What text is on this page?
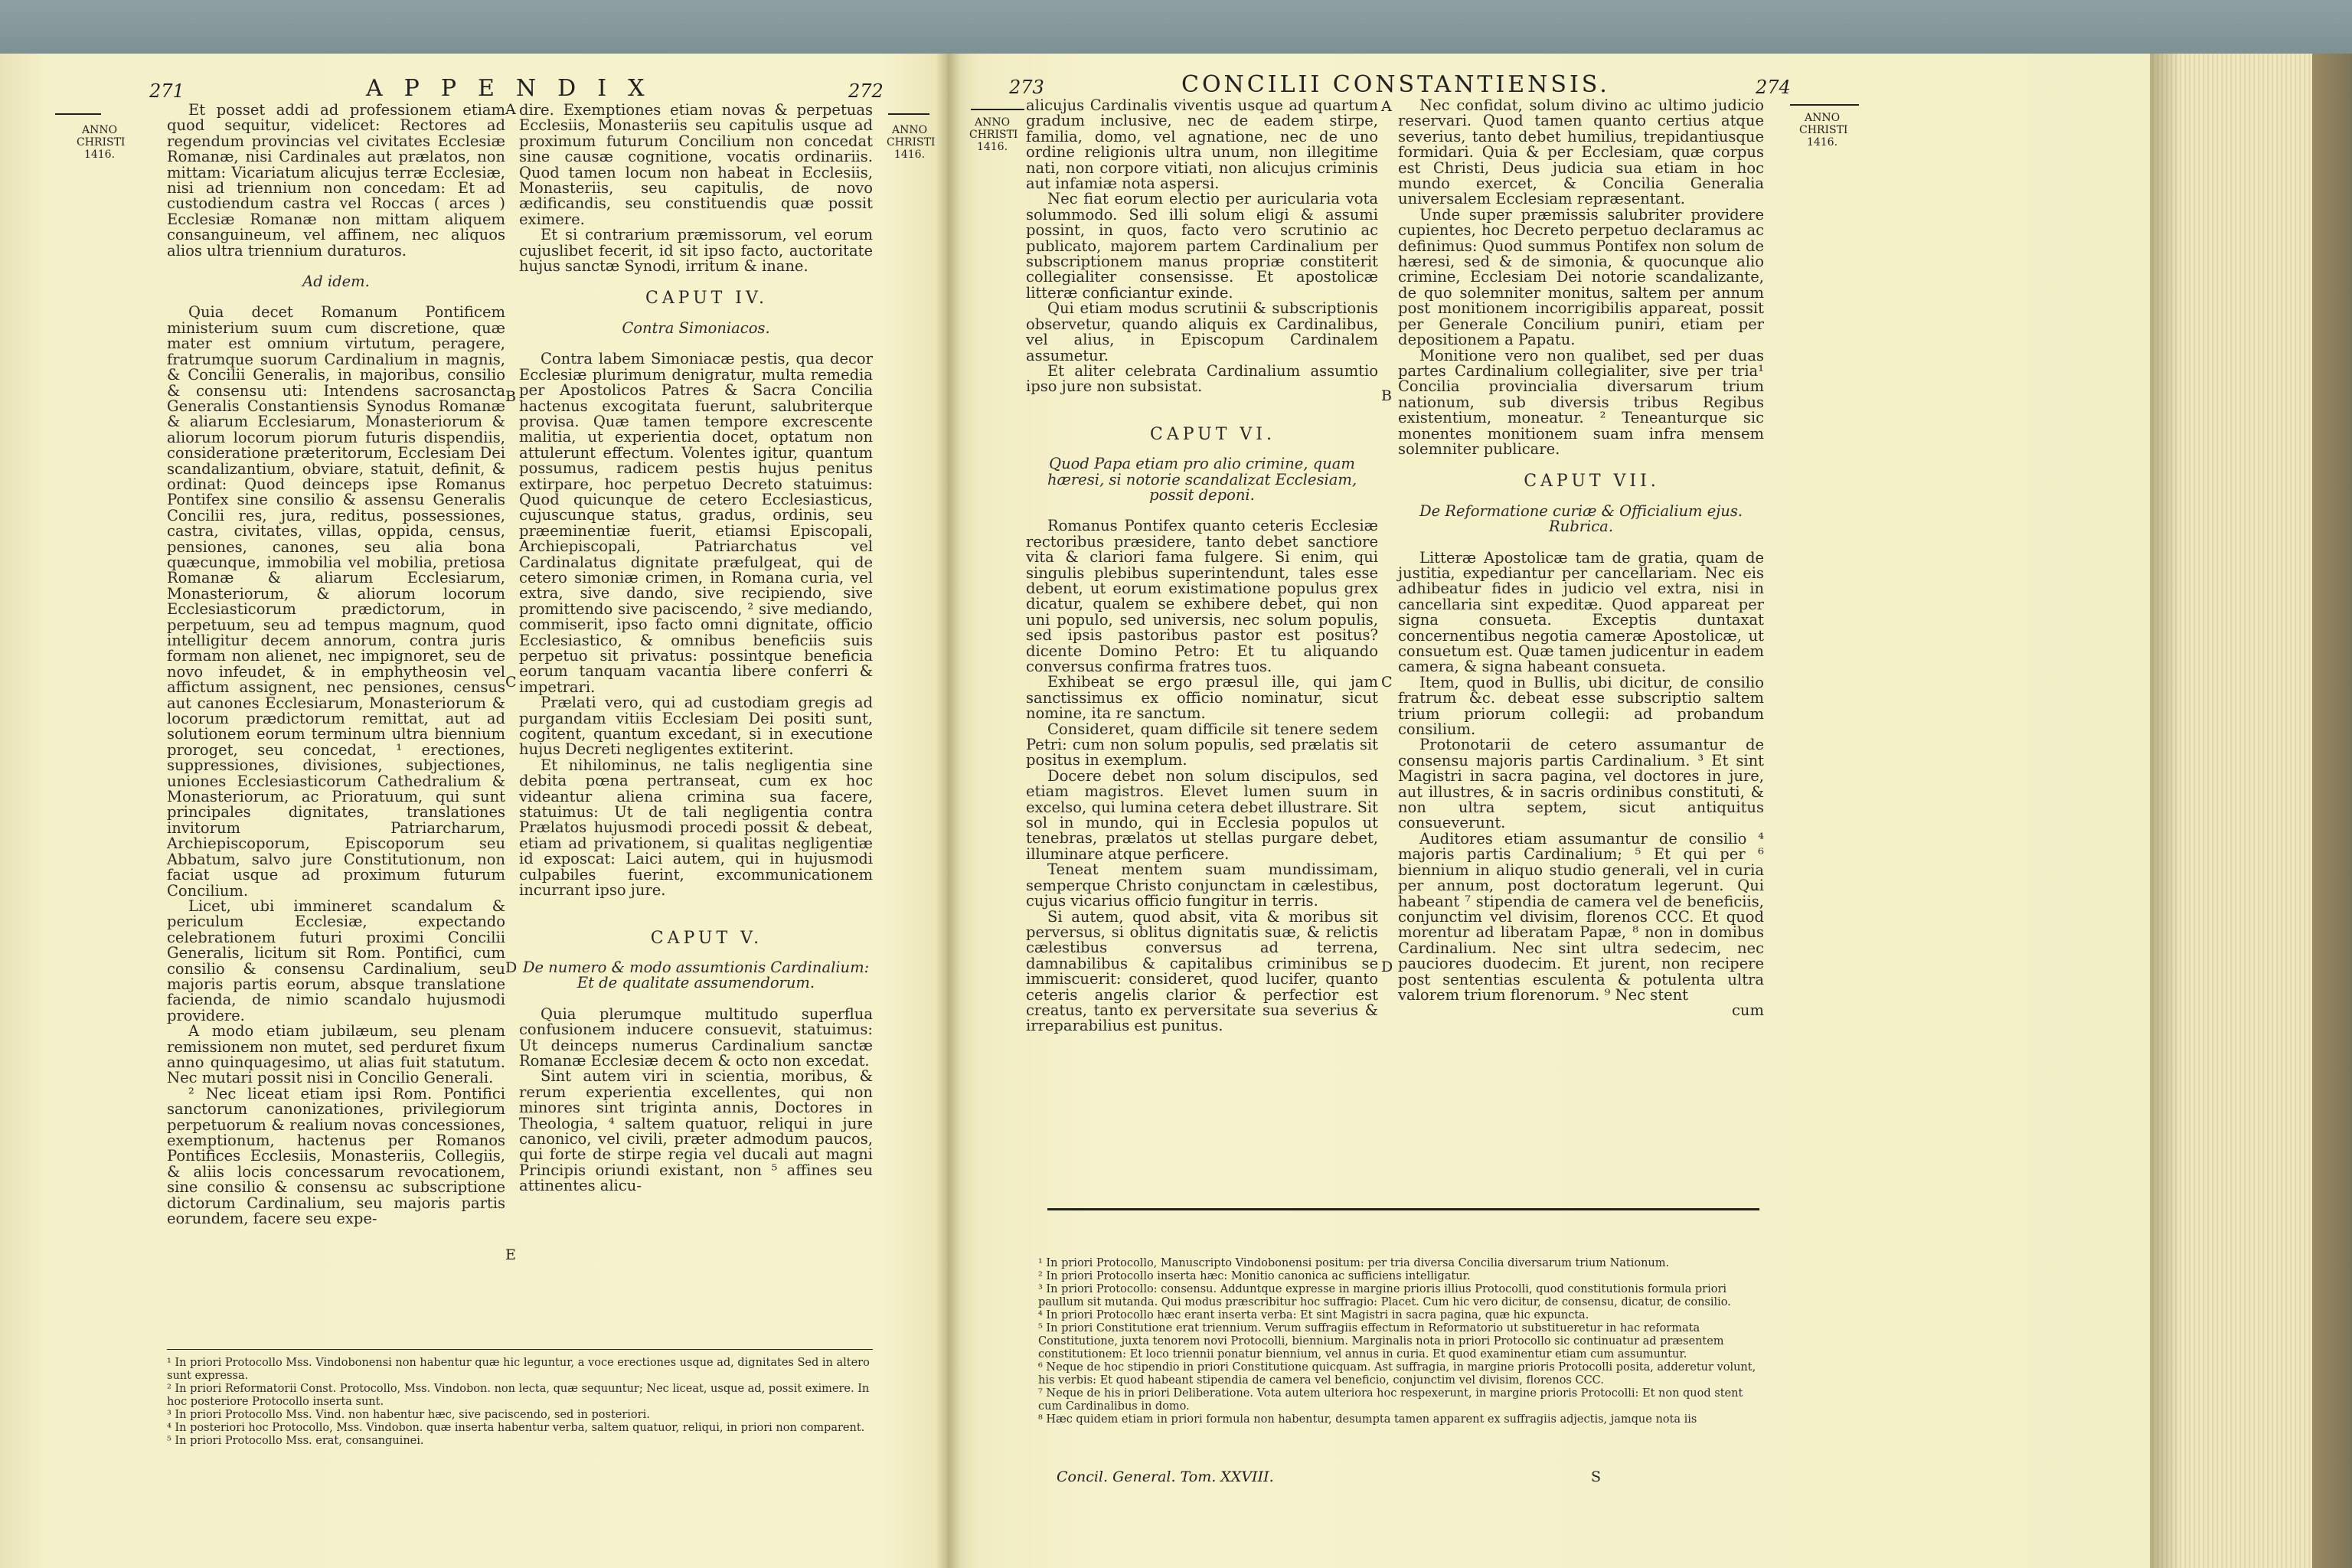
271	APPENDIX	272
ANNO CHRISTI 1416.
ANNO CHRISTI 1416.

Et posset addi ad professionem etiam quod sequitur, videlicet: Rectores ad regendum provincias vel civitates Ecclesiæ Romanæ, nisi Cardinales aut prælatos, non mittam: Vicariatum alicujus terræ Ecclesiæ, nisi ad triennium non concedam: Et ad custodiendum castra vel Roccas ( arces ) Ecclesiæ Romanæ non mittam aliquem consanguineum, vel affinem, nec aliquos alios ultra triennium duraturos.

Ad idem.

Quia decet Romanum Pontificem ministerium suum cum discretione, quæ mater est omnium virtutum, peragere, fratrumque suorum Cardinalium in magnis, & Concilii Generalis, in majoribus, consilio & consensu uti: Intendens sacrosancta Generalis Constantiensis Synodus Romanæ & aliarum Ecclesiarum, Monasteriorum & aliorum locorum piorum futuris dispendiis, consideratione præteritorum, Ecclesiam Dei scandalizantium, obviare, statuit, definit, & ordinat: Quod deinceps ipse Romanus Pontifex sine consilio & assensu Generalis Concilii res, jura, reditus, possessiones, castra, civitates, villas, oppida, census, pensiones, canones, seu alia bona quæcunque, immobilia vel mobilia, pretiosa Romanæ & aliarum Ecclesiarum, Monasteriorum, & aliorum locorum Ecclesiasticorum prædictorum, in perpetuum, seu ad tempus magnum, quod intelligitur decem annorum, contra juris formam non alienet, nec impignoret, seu de novo infeudet, & in emphytheosin vel affictum assignent, nec pensiones, census aut canones Ecclesiarum, Monasteriorum & locorum prædictorum remittat, aut ad solutionem eorum terminum ultra biennium proroget, seu concedat, ¹ erectiones, suppressiones, divisiones, subjectiones, uniones Ecclesiasticorum Cathedralium & Monasteriorum, ac Prioratuum, qui sunt principales dignitates, translationes invitorum Patriarcharum, Archiepiscoporum, Episcoporum seu Abbatum, salvo jure Constitutionum, non faciat usque ad proximum futurum Concilium.

Licet, ubi immineret scandalum & periculum Ecclesiæ, expectando celebrationem futuri proximi Concilii Generalis, licitum sit Rom. Pontifici, cum consilio & consensu Cardinalium, seu majoris partis eorum, absque translatione facienda, de nimio scandalo hujusmodi providere.

A modo etiam jubilæum, seu plenam remissionem non mutet, sed perduret fixum anno quinquagesimo, ut alias fuit statutum. Nec mutari possit nisi in Concilio Generali.

² Nec liceat etiam ipsi Rom. Pontifici sanctorum canonizationes, privilegiorum perpetuorum & realium novas concessiones, exemptionum, hactenus per Romanos Pontifices Ecclesiis, Monasteriis, Collegiis, & aliis locis concessarum revocationem, sine consilio & consensu ac subscriptione dictorum Cardinalium, seu majoris partis eorundem, facere seu expe-

A
B
C
D
E

dire. Exemptiones etiam novas & perpetuas Ecclesiis, Monasteriis seu capitulis usque ad proximum futurum Concilium non concedat sine causæ cognitione, vocatis ordinariis. Quod tamen locum non habeat in Ecclesiis, Monasteriis, seu capitulis, de novo ædificandis, seu constituendis quæ possit eximere.

Et si contrarium præmissorum, vel eorum cujuslibet fecerit, id sit ipso facto, auctoritate hujus sanctæ Synodi, irritum & inane.

CAPUT IV.

Contra Simoniacos.

Contra labem Simoniacæ pestis, qua decor Ecclesiæ plurimum denigratur, multa remedia per Apostolicos Patres & Sacra Concilia hactenus excogitata fuerunt, salubriterque provisa. Quæ tamen tempore excrescente malitia, ut experientia docet, optatum non attulerunt effectum. Volentes igitur, quantum possumus, radicem pestis hujus penitus extirpare, hoc perpetuo Decreto statuimus: Quod quicunque de cetero Ecclesiasticus, cujuscunque status, gradus, ordinis, seu præeminentiæ fuerit, etiamsi Episcopali, Archiepiscopali, Patriarchatus vel Cardinalatus dignitate præfulgeat, qui de cetero simoniæ crimen, in Romana curia, vel extra, sive dando, sive recipiendo, sive promittendo sive paciscendo, ² sive mediando, commiserit, ipso facto omni dignitate, officio Ecclesiastico, & omnibus beneficiis suis perpetuo sit privatus: possintque beneficia eorum tanquam vacantia libere conferri & impetrari.

Prælati vero, qui ad custodiam gregis ad purgandam vitiis Ecclesiam Dei positi sunt, cogitent, quantum excedant, si in executione hujus Decreti negligentes extiterint.

Et nihilominus, ne talis negligentia sine debita pœna pertranseat, cum ex hoc videantur aliena crimina sua facere, statuimus: Ut de tali negligentia contra Prælatos hujusmodi procedi possit & debeat, etiam ad privationem, si qualitas negligentiæ id exposcat: Laici autem, qui in hujusmodi culpabiles fuerint, excommunicationem incurrant ipso jure.

CAPUT V.

De numero & modo assumtionis Cardinalium: Et de qualitate assumendorum.

Quia plerumque multitudo superflua confusionem inducere consuevit, statuimus: Ut deinceps numerus Cardinalium sanctæ Romanæ Ecclesiæ decem & octo non excedat.

Sint autem viri in scientia, moribus, & rerum experientia excellentes, qui non minores sint triginta annis, Doctores in Theologia, ⁴ saltem quatuor, reliqui in jure canonico, vel civili, præter admodum paucos, qui forte de stirpe regia vel ducali aut magni Principis oriundi existant, non ⁵ affines seu attinentes alicu-

¹ In priori Protocollo Mss. Vindobonensi non habentur quæ hic leguntur, a voce erectiones usque ad, dignitates Sed in altero sunt expressa.
² In priori Reformatorii Const. Protocollo, Mss. Vindobon. non lecta, quæ sequuntur; Nec liceat, usque ad, possit eximere. In hoc posteriore Protocollo inserta sunt.
³ In priori Protocollo Mss. Vind. non habentur hæc, sive paciscendo, sed in posteriori.
⁴ In posteriori hoc Protocollo, Mss. Vindobon. quæ inserta habentur verba, saltem quatuor, reliqui, in priori non comparent.
⁵ In priori Protocollo Mss. erat, consanguinei.
273	CONCILII CONSTANTIENSIS.	274
ANNO CHRISTI 1416.
ANNO CHRISTI 1416.

alicujus Cardinalis viventis usque ad quartum gradum inclusive, nec de eadem stirpe, familia, domo, vel agnatione, nec de uno ordine religionis ultra unum, non illegitime nati, non corpore vitiati, non alicujus criminis aut infamiæ nota aspersi.

Nec fiat eorum electio per auricularia vota solummodo. Sed illi solum eligi & assumi possint, in quos, facto vero scrutinio ac publicato, majorem partem Cardinalium per subscriptionem manus propriæ constiterit collegialiter consensisse. Et apostolicæ litteræ conficiantur exinde.

Qui etiam modus scrutinii & subscriptionis observetur, quando aliquis ex Cardinalibus, vel alius, in Episcopum Cardinalem assumetur.

Et aliter celebrata Cardinalium assumtio ipso jure non subsistat.

CAPUT VI.

Quod Papa etiam pro alio crimine, quam hæresi, si notorie scandalizat Ecclesiam, possit deponi.

Romanus Pontifex quanto ceteris Ecclesiæ rectoribus præsidere, tanto debet sanctiore vita & clariori fama fulgere. Si enim, qui singulis plebibus superintendunt, tales esse debent, ut eorum existimatione populus grex dicatur, qualem se exhibere debet, qui non uni populo, sed universis, nec solum populis, sed ipsis pastoribus pastor est positus? dicente Domino Petro: Et tu aliquando conversus confirma fratres tuos.

Exhibeat se ergo præsul ille, qui jam sanctissimus ex officio nominatur, sicut nomine, ita re sanctum.

Consideret, quam difficile sit tenere sedem Petri: cum non solum populis, sed prælatis sit positus in exemplum.

Docere debet non solum discipulos, sed etiam magistros. Elevet lumen suum in excelso, qui lumina cetera debet illustrare. Sit sol in mundo, qui in Ecclesia populos ut tenebras, prælatos ut stellas purgare debet, illuminare atque perficere.

Teneat mentem suam mundissimam, semperque Christo conjunctam in cælestibus, cujus vicarius officio fungitur in terris.

Si autem, quod absit, vita & moribus sit perversus, si oblitus dignitatis suæ, & relictis cælestibus conversus ad terrena, damnabilibus & capitalibus criminibus se immiscuerit: consideret, quod lucifer, quanto ceteris angelis clarior & perfectior est creatus, tanto ex perversitate sua severius & irreparabilius est punitus.

A
B
C
D

Nec confidat, solum divino ac ultimo judicio reservari. Quod tamen quanto certius atque severius, tanto debet humilius, trepidantiusque formidari. Quia & per Ecclesiam, quæ corpus est Christi, Deus judicia sua etiam in hoc mundo exercet, & Concilia Generalia universalem Ecclesiam repræsentant.

Unde super præmissis salubriter providere cupientes, hoc Decreto perpetuo declaramus ac definimus: Quod summus Pontifex non solum de hæresi, sed & de simonia, & quocunque alio crimine, Ecclesiam Dei notorie scandalizante, de quo solemniter monitus, saltem per annum post monitionem incorrigibilis appareat, possit per Generale Concilium puniri, etiam per depositionem a Papatu.

Monitione vero non qualibet, sed per duas partes Cardinalium collegialiter, sive per tria¹ Concilia provincialia diversarum trium nationum, sub diversis tribus Regibus existentium, moneatur. ² Teneanturque sic monentes monitionem suam infra mensem solemniter publicare.

CAPUT VII.

De Reformatione curiæ & Officialium ejus. Rubrica.

Litteræ Apostolicæ tam de gratia, quam de justitia, expediantur per cancellariam. Nec eis adhibeatur fides in judicio vel extra, nisi in cancellaria sint expeditæ. Quod appareat per signa consueta. Exceptis duntaxat concernentibus negotia cameræ Apostolicæ, ut consuetum est. Quæ tamen judicentur in eadem camera, & signa habeant consueta.

Item, quod in Bullis, ubi dicitur, de consilio fratrum &c. debeat esse subscriptio saltem trium priorum collegii: ad probandum consilium.

Protonotarii de cetero assumantur de consensu majoris partis Cardinalium. ³ Et sint Magistri in sacra pagina, vel doctores in jure, aut illustres, & in sacris ordinibus constituti, & non ultra septem, sicut antiquitus consueverunt.

Auditores etiam assumantur de consilio ⁴ majoris partis Cardinalium; ⁵ Et qui per ⁶ biennium in aliquo studio generali, vel in curia per annum, post doctoratum legerunt. Qui habeant ⁷ stipendia de camera vel de beneficiis, conjunctim vel divisim, florenos CCC. Et quod morentur ad liberatam Papæ, ⁸ non in domibus Cardinalium. Nec sint ultra sedecim, nec pauciores duodecim. Et jurent, non recipere post sententias esculenta & potulenta ultra valorem trium florenorum. ⁹ Nec stent

cum

¹ In priori Protocollo, Manuscripto Vindobonensi positum: per tria diversa Concilia diversarum trium Nationum.
² In priori Protocollo inserta hæc: Monitio canonica ac sufficiens intelligatur.
³ In priori Protocollo: consensu. Adduntque expresse in margine prioris illius Protocolli, quod constitutionis formula priori paullum sit mutanda. Qui modus præscribitur hoc suffragio: Placet. Cum hic vero dicitur, de consensu, dicatur, de consilio.
⁴ In priori Protocollo hæc erant inserta verba: Et sint Magistri in sacra pagina, quæ hic expuncta.
⁵ In priori Constitutione erat triennium. Verum suffragiis effectum in Reformatorio ut substitueretur in hac reformata Constitutione, juxta tenorem novi Protocolli, biennium. Marginalis nota in priori Protocollo sic continuatur ad præsentem constitutionem: Et loco triennii ponatur biennium, vel annus in curia. Et quod examinentur etiam cum assumuntur.
⁶ Neque de hoc stipendio in priori Constitutione quicquam. Ast suffragia, in margine prioris Protocolli posita, adderetur volunt, his verbis: Et quod habeant stipendia de camera vel beneficio, conjunctim vel divisim, florenos CCC.
⁷ Neque de his in priori Deliberatione. Vota autem ulteriora hoc respexerunt, in margine prioris Protocolli: Et non quod stent cum Cardinalibus in domo.
⁸ Hæc quidem etiam in priori formula non habentur, desumpta tamen apparent ex suffragiis adjectis, jamque nota iis
Concil. General. Tom. XXVIII.	S
